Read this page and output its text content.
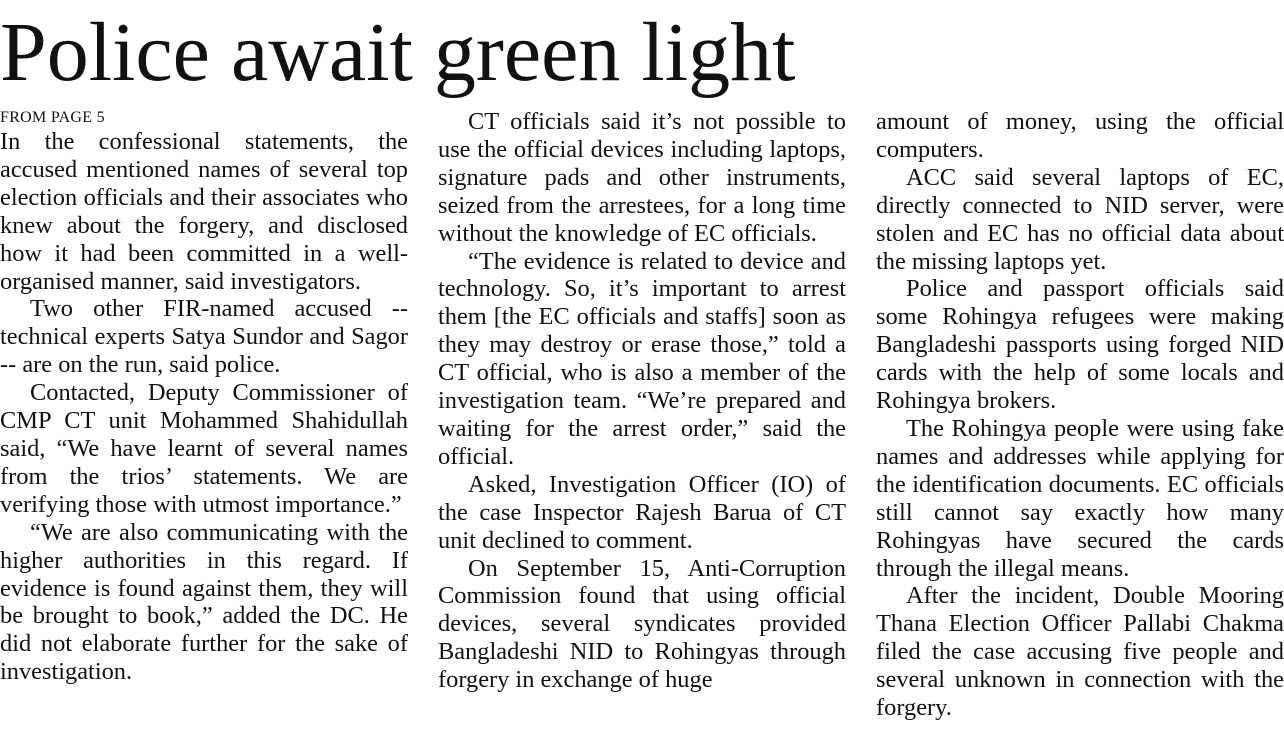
Police await green light
FROM PAGE 5

In the confessional statements, the accused mentioned names of several top election officials and their associates who knew about the forgery, and disclosed how it had been committed in a well-organised manner, said investigators.

Two other FIR-named accused -- technical experts Satya Sundor and Sagor -- are on the run, said police.

Contacted, Deputy Commissioner of CMP CT unit Mohammed Shahidullah said, “We have learnt of several names from the trios’ statements. We are verifying those with utmost importance.”

“We are also communicating with the higher authorities in this regard. If evidence is found against them, they will be brought to book,” added the DC. He did not elaborate further for the sake of investigation.

CT officials said it’s not possible to use the official devices including laptops, signature pads and other instruments, seized from the arrestees, for a long time without the knowledge of EC officials.

“The evidence is related to device and technology. So, it’s important to arrest them [the EC officials and staffs] soon as they may destroy or erase those,” told a CT official, who is also a member of the investigation team. “We’re prepared and waiting for the arrest order,” said the official.

Asked, Investigation Officer (IO) of the case Inspector Rajesh Barua of CT unit declined to comment.

On September 15, Anti-Corruption Commission found that using official devices, several syndicates provided Bangladeshi NID to Rohingyas through forgery in exchange of huge

amount of money, using the official computers.

ACC said several laptops of EC, directly connected to NID server, were stolen and EC has no official data about the missing laptops yet.

Police and passport officials said some Rohingya refugees were making Bangladeshi passports using forged NID cards with the help of some locals and Rohingya brokers.

The Rohingya people were using fake names and addresses while applying for the identification documents. EC officials still cannot say exactly how many Rohingyas have secured the cards through the illegal means.

After the incident, Double Mooring Thana Election Officer Pallabi Chakma filed the case accusing five people and several unknown in connection with the forgery.
